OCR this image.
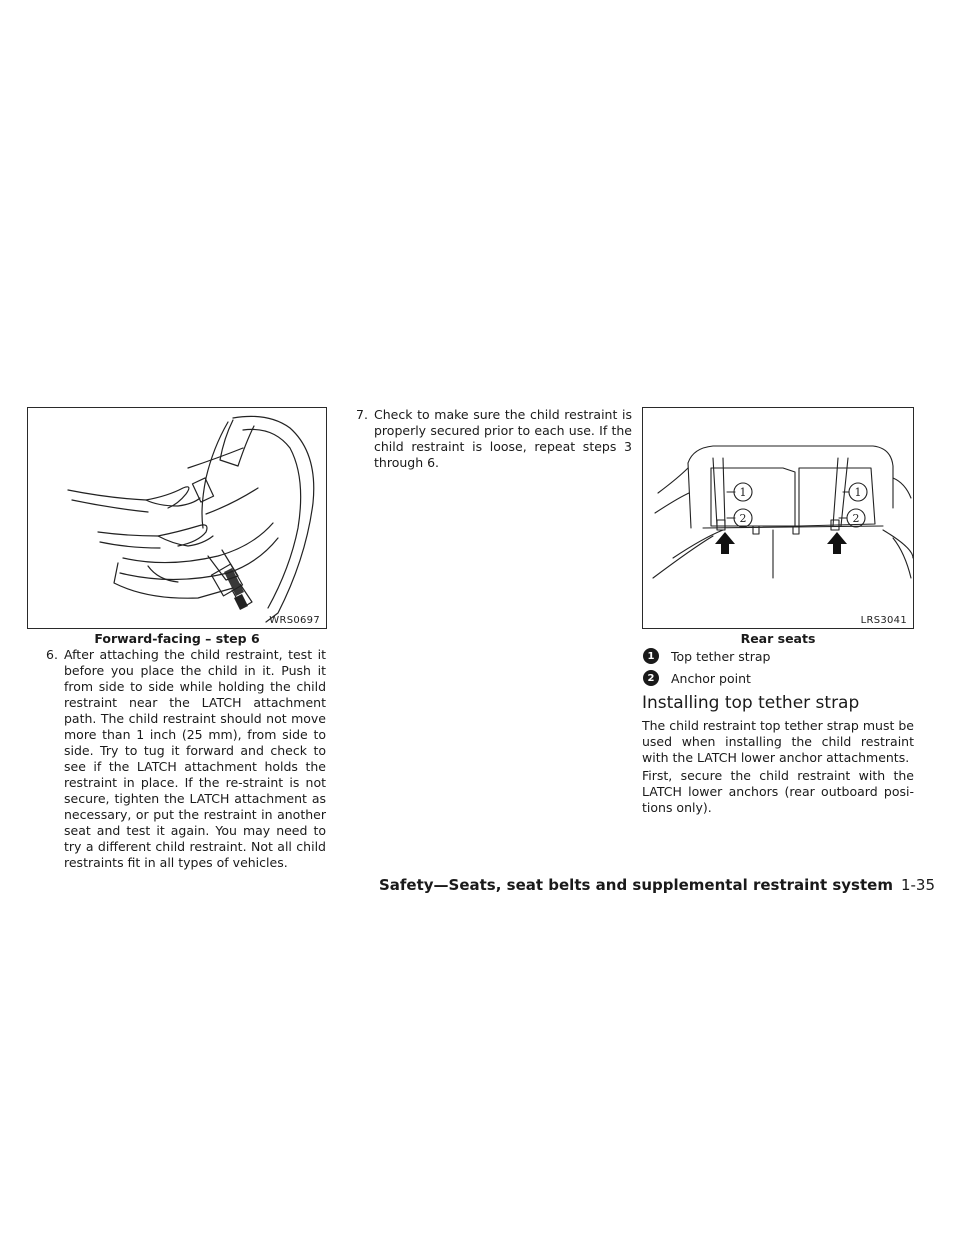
WRS0697
Forward-facing – step 6
6. After attaching the child restraint, test it before you place the child in it. Push it from side to side while holding the child restraint near the LATCH attachment path. The child restraint should not move more than 1 inch (25 mm), from side to side. Try to tug it forward and check to see if the LATCH attachment holds the restraint in place. If the re-straint is not secure, tighten the LATCH attachment as necessary, or put the restraint in another seat and test it again. You may need to try a different child restraint. Not all child restraints fit in all types of vehicles.
7. Check to make sure the child restraint is properly secured prior to each use. If the child restraint is loose, repeat steps 3 through 6.
1
2
1
2
LRS3041
Rear seats
1	Top tether strap
2	Anchor point
Installing top tether strap
The child restraint top tether strap must be used when installing the child restraint with the LATCH lower anchor attachments.
First, secure the child restraint with the LATCH lower anchors (rear outboard posi-tions only).
Safety—Seats, seat belts and supplemental restraint system 1-35
